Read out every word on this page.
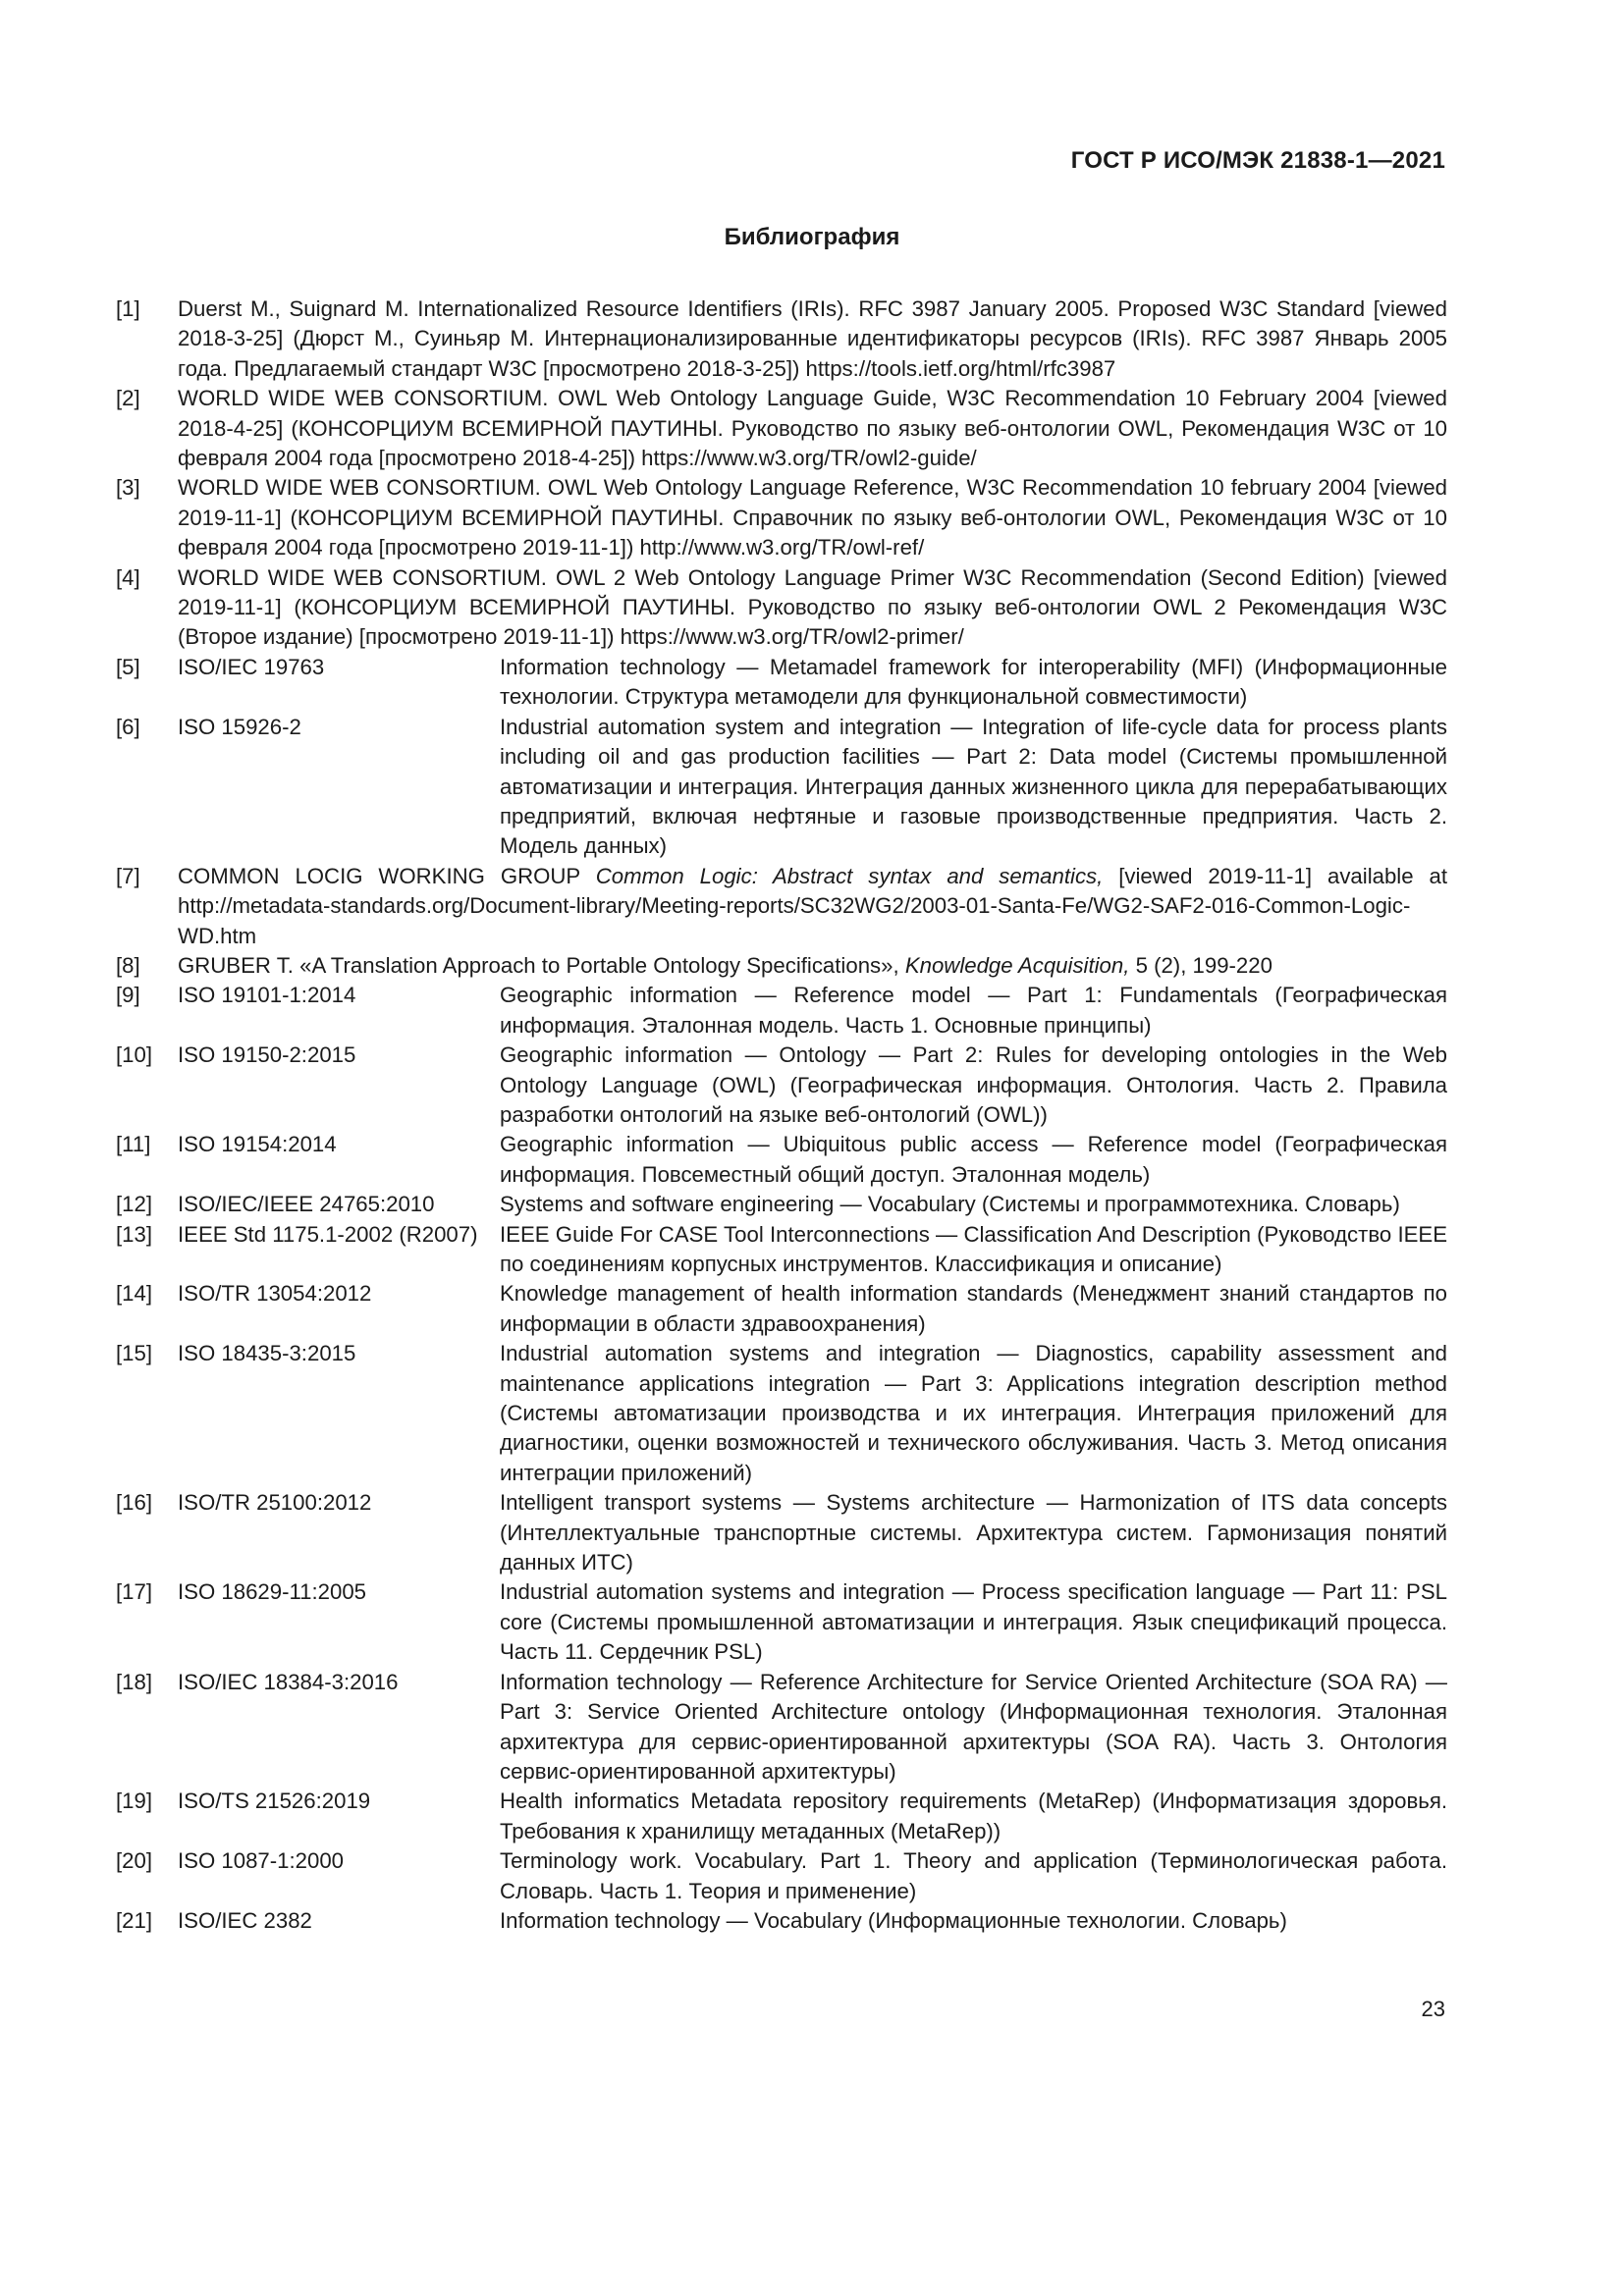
ГОСТ Р ИСО/МЭК 21838-1—2021
Библиография
[1]	Duerst M., Suignard M. Internationalized Resource Identifiers (IRIs). RFC 3987 January 2005. Proposed W3C Standard [viewed 2018-3-25] (Дюрст М., Суиньяр М. Интернационализированные идентификаторы ресурсов (IRIs). RFC 3987 Январь 2005 года. Предлагаемый стандарт W3C [просмотрено 2018-3-25]) https://tools.ietf.org/html/rfc3987
[2]	WORLD WIDE WEB CONSORTIUM. OWL Web Ontology Language Guide, W3C Recommendation 10 February 2004 [viewed 2018-4-25] (КОНСОРЦИУМ ВСЕМИРНОЙ ПАУТИНЫ. Руководство по языку веб-онтологии OWL, Рекомендация W3C от 10 февраля 2004 года [просмотрено 2018-4-25]) https://www.w3.org/TR/owl2-guide/
[3]	WORLD WIDE WEB CONSORTIUM. OWL Web Ontology Language Reference, W3C Recommendation 10 february 2004 [viewed 2019-11-1] (КОНСОРЦИУМ ВСЕМИРНОЙ ПАУТИНЫ. Справочник по языку веб-онтологии OWL, Рекомендация W3C от 10 февраля 2004 года [просмотрено 2019-11-1]) http://www.w3.org/TR/owl-ref/
[4]	WORLD WIDE WEB CONSORTIUM. OWL 2 Web Ontology Language Primer W3C Recommendation (Second Edition) [viewed 2019-11-1] (КОНСОРЦИУМ ВСЕМИРНОЙ ПАУТИНЫ. Руководство по языку веб-онтологии OWL 2 Рекомендация W3C (Второе издание) [просмотрено 2019-11-1]) https://www.w3.org/TR/owl2-primer/
[5]	ISO/IEC 19763	Information technology — Metamadel framework for interoperability (MFI) (Информационные технологии. Структура метамодели для функциональной совместимости)
[6]	ISO 15926-2	Industrial automation system and integration — Integration of life-cycle data for process plants including oil and gas production facilities — Part 2: Data model (Системы промышленной автоматизации и интеграция. Интеграция данных жизненного цикла для перерабатывающих предприятий, включая нефтяные и газовые производственные предприятия. Часть 2. Модель данных)
[7]	COMMON LOCIG WORKING GROUP Common Logic: Abstract syntax and semantics, [viewed 2019-11-1] available at http://metadata-standards.org/Document-library/Meeting-reports/SC32WG2/2003-01-Santa-Fe/WG2-SAF2-016-Common-Logic-WD.htm
[8]	GRUBER T. «A Translation Approach to Portable Ontology Specifications», Knowledge Acquisition, 5 (2), 199-220
[9]	ISO 19101-1:2014	Geographic information — Reference model — Part 1: Fundamentals (Географическая информация. Эталонная модель. Часть 1. Основные принципы)
[10]	ISO 19150-2:2015	Geographic information — Ontology — Part 2: Rules for developing ontologies in the Web Ontology Language (OWL) (Географическая информация. Онтология. Часть 2. Правила разработки онтологий на языке веб-онтологий (OWL))
[11]	ISO 19154:2014	Geographic information — Ubiquitous public access — Reference model (Географическая информация. Повсеместный общий доступ. Эталонная модель)
[12]	ISO/IEC/IEEE 24765:2010	Systems and software engineering — Vocabulary (Системы и программотехника. Словарь)
[13]	IEEE Std 1175.1-2002 (R2007)	IEEE Guide For CASE Tool Interconnections — Classification And Description (Руководство IEEE по соединениям корпусных инструментов. Классификация и описание)
[14]	ISO/TR 13054:2012	Knowledge management of health information standards (Менеджмент знаний стандартов по информации в области здравоохранения)
[15]	ISO 18435-3:2015	Industrial automation systems and integration — Diagnostics, capability assessment and maintenance applications integration — Part 3: Applications integration description method (Системы автоматизации производства и их интеграция. Интеграция приложений для диагностики, оценки возможностей и технического обслуживания. Часть 3. Метод описания интеграции приложений)
[16]	ISO/TR 25100:2012	Intelligent transport systems — Systems architecture — Harmonization of ITS data concepts (Интеллектуальные транспортные системы. Архитектура систем. Гармонизация понятий данных ИТС)
[17]	ISO 18629-11:2005	Industrial automation systems and integration — Process specification language — Part 11: PSL core (Системы промышленной автоматизации и интеграция. Язык спецификаций процесса. Часть 11. Сердечник PSL)
[18]	ISO/IEC 18384-3:2016	Information technology — Reference Architecture for Service Oriented Architecture (SOA RA) — Part 3: Service Oriented Architecture ontology (Информационная технология. Эталонная архитектура для сервис-ориентированной архитектуры (SOA RA). Часть 3. Онтология сервис-ориентированной архитектуры)
[19]	ISO/TS 21526:2019	Health informatics Metadata repository requirements (MetaRep) (Информатизация здоровья. Требования к хранилищу метаданных (MetaRep))
[20]	ISO 1087-1:2000	Terminology work. Vocabulary. Part 1. Theory and application (Терминологическая работа. Словарь. Часть 1. Теория и применение)
[21]	ISO/IEC 2382	Information technology — Vocabulary (Информационные технологии. Словарь)
23
